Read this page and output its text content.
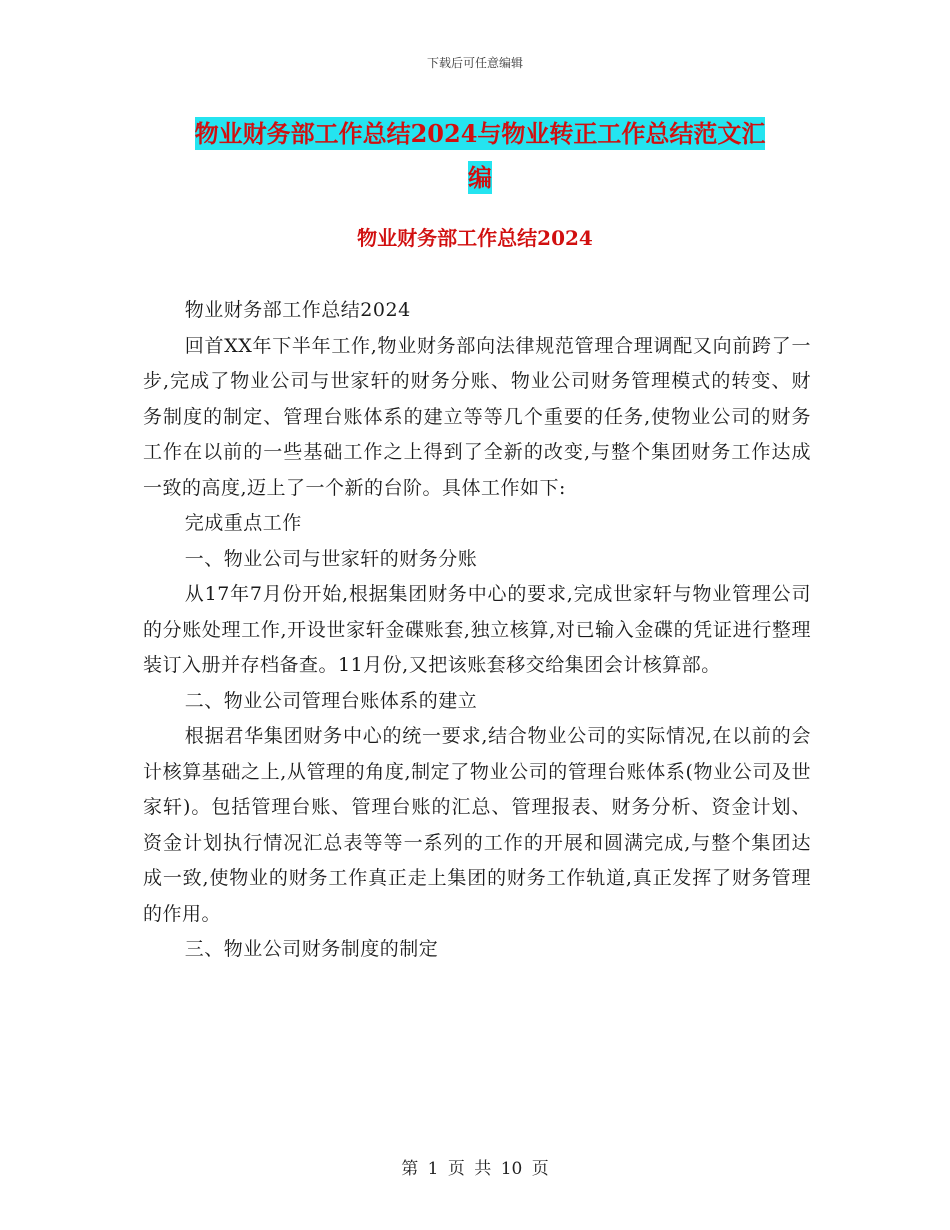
下载后可任意编辑
物业财务部工作总结2024与物业转正工作总结范文汇
编
物业财务部工作总结2024

物业财务部工作总结2024

回首XX年下半年工作,物业财务部向法律规范管理合理调配又向前跨了一步,完成了物业公司与世家轩的财务分账、物业公司财务管理模式的转变、财务制度的制定、管理台账体系的建立等等几个重要的任务,使物业公司的财务工作在以前的一些基础工作之上得到了全新的改变,与整个集团财务工作达成一致的高度,迈上了一个新的台阶。具体工作如下:

完成重点工作

一、物业公司与世家轩的财务分账

从17年7月份开始,根据集团财务中心的要求,完成世家轩与物业管理公司的分账处理工作,开设世家轩金碟账套,独立核算,对已输入金碟的凭证进行整理装订入册并存档备查。11月份,又把该账套移交给集团会计核算部。

二、物业公司管理台账体系的建立

根据君华集团财务中心的统一要求,结合物业公司的实际情况,在以前的会计核算基础之上,从管理的角度,制定了物业公司的管理台账体系(物业公司及世家轩)。包括管理台账、管理台账的汇总、管理报表、财务分析、资金计划、资金计划执行情况汇总表等等一系列的工作的开展和圆满完成,与整个集团达成一致,使物业的财务工作真正走上集团的财务工作轨道,真正发挥了财务管理的作用。

三、物业公司财务制度的制定

第 1 页 共 10 页
